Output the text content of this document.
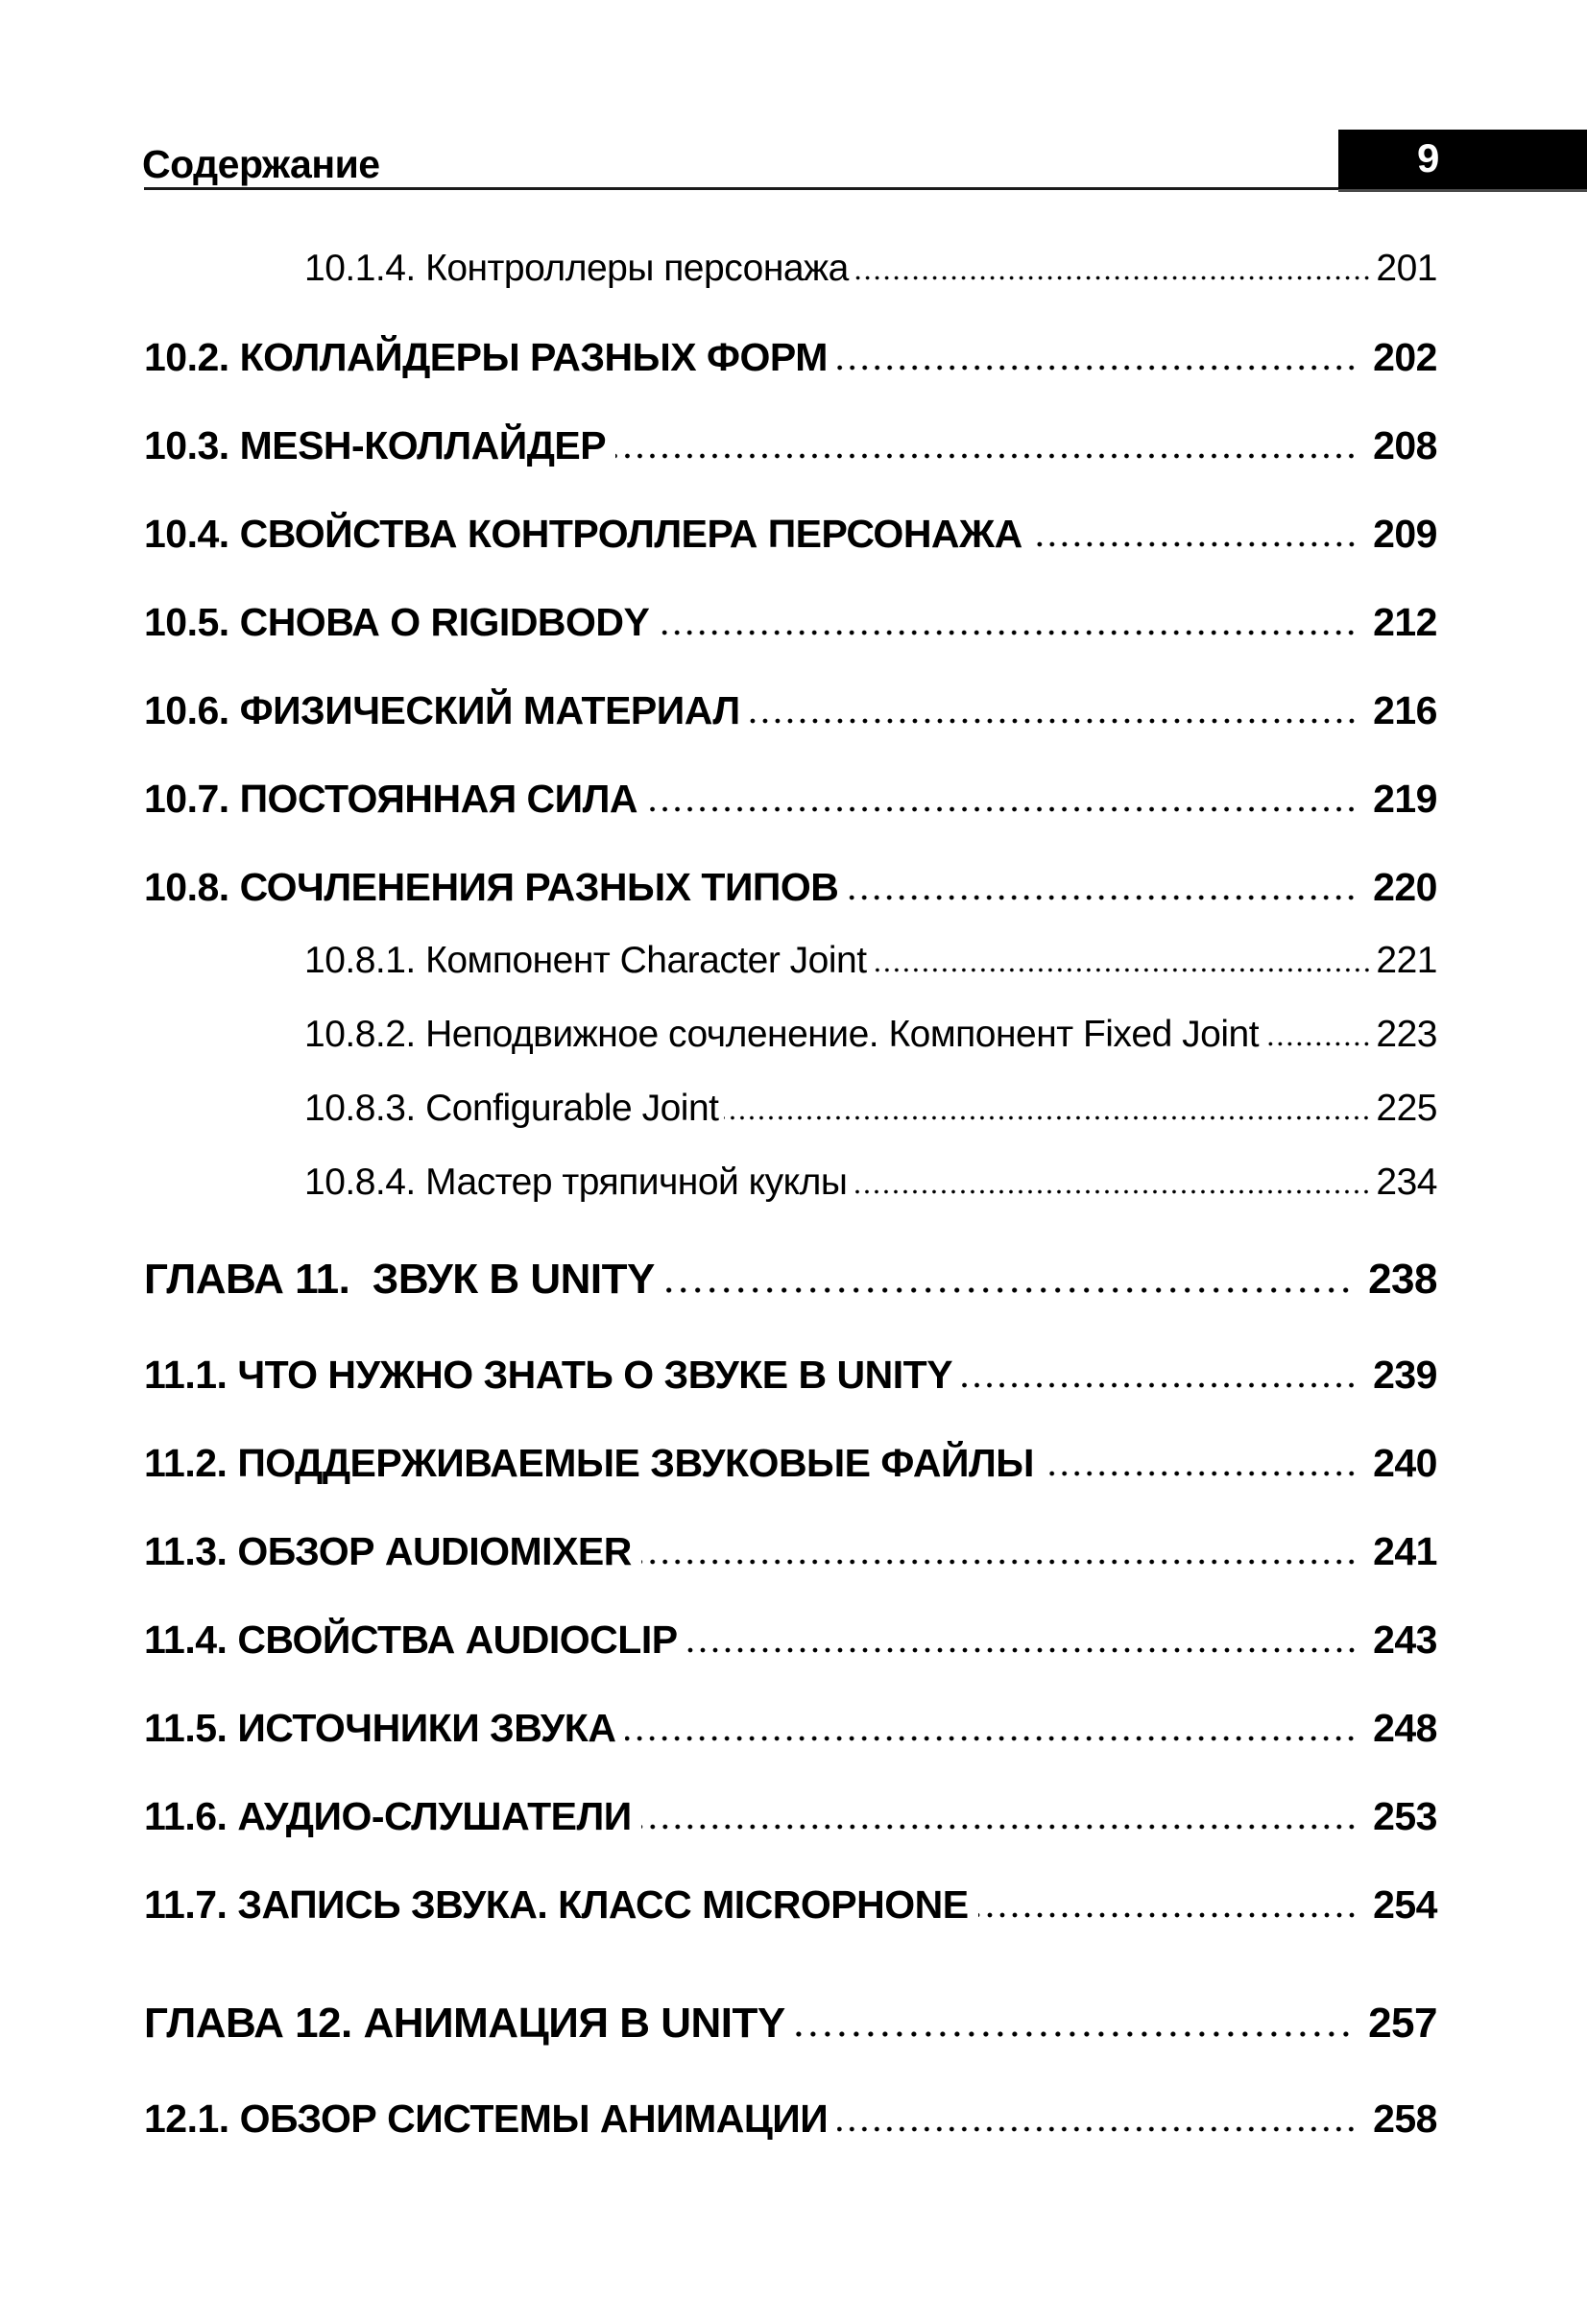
Содержание	9
10.1.4. Контроллеры персонажа	201
10.2. КОЛЛАЙДЕРЫ РАЗНЫХ ФОРМ	202
10.3. MESH-КОЛЛАЙДЕР	208
10.4. СВОЙСТВА КОНТРОЛЛЕРА ПЕРСОНАЖА	209
10.5. СНОВА О RIGIDBODY	212
10.6. ФИЗИЧЕСКИЙ МАТЕРИАЛ	216
10.7. ПОСТОЯННАЯ СИЛА	219
10.8. СОЧЛЕНЕНИЯ РАЗНЫХ ТИПОВ	220
10.8.1. Компонент Character Joint	221
10.8.2. Неподвижное сочленение. Компонент Fixed Joint	223
10.8.3. Configurable Joint	225
10.8.4. Мастер тряпичной куклы	234
ГЛАВА 11.  ЗВУК В UNITY	238
11.1. ЧТО НУЖНО ЗНАТЬ О ЗВУКЕ В UNITY	239
11.2. ПОДДЕРЖИВАЕМЫЕ ЗВУКОВЫЕ ФАЙЛЫ	240
11.3. ОБЗОР AUDIOMIXER	241
11.4. СВОЙСТВА AUDIOCLIP	243
11.5. ИСТОЧНИКИ ЗВУКА	248
11.6. АУДИО-СЛУШАТЕЛИ	253
11.7. ЗАПИСЬ ЗВУКА. КЛАСС MICROPHONE	254
ГЛАВА 12. АНИМАЦИЯ В UNITY	257
12.1. ОБЗОР СИСТЕМЫ АНИМАЦИИ	258
